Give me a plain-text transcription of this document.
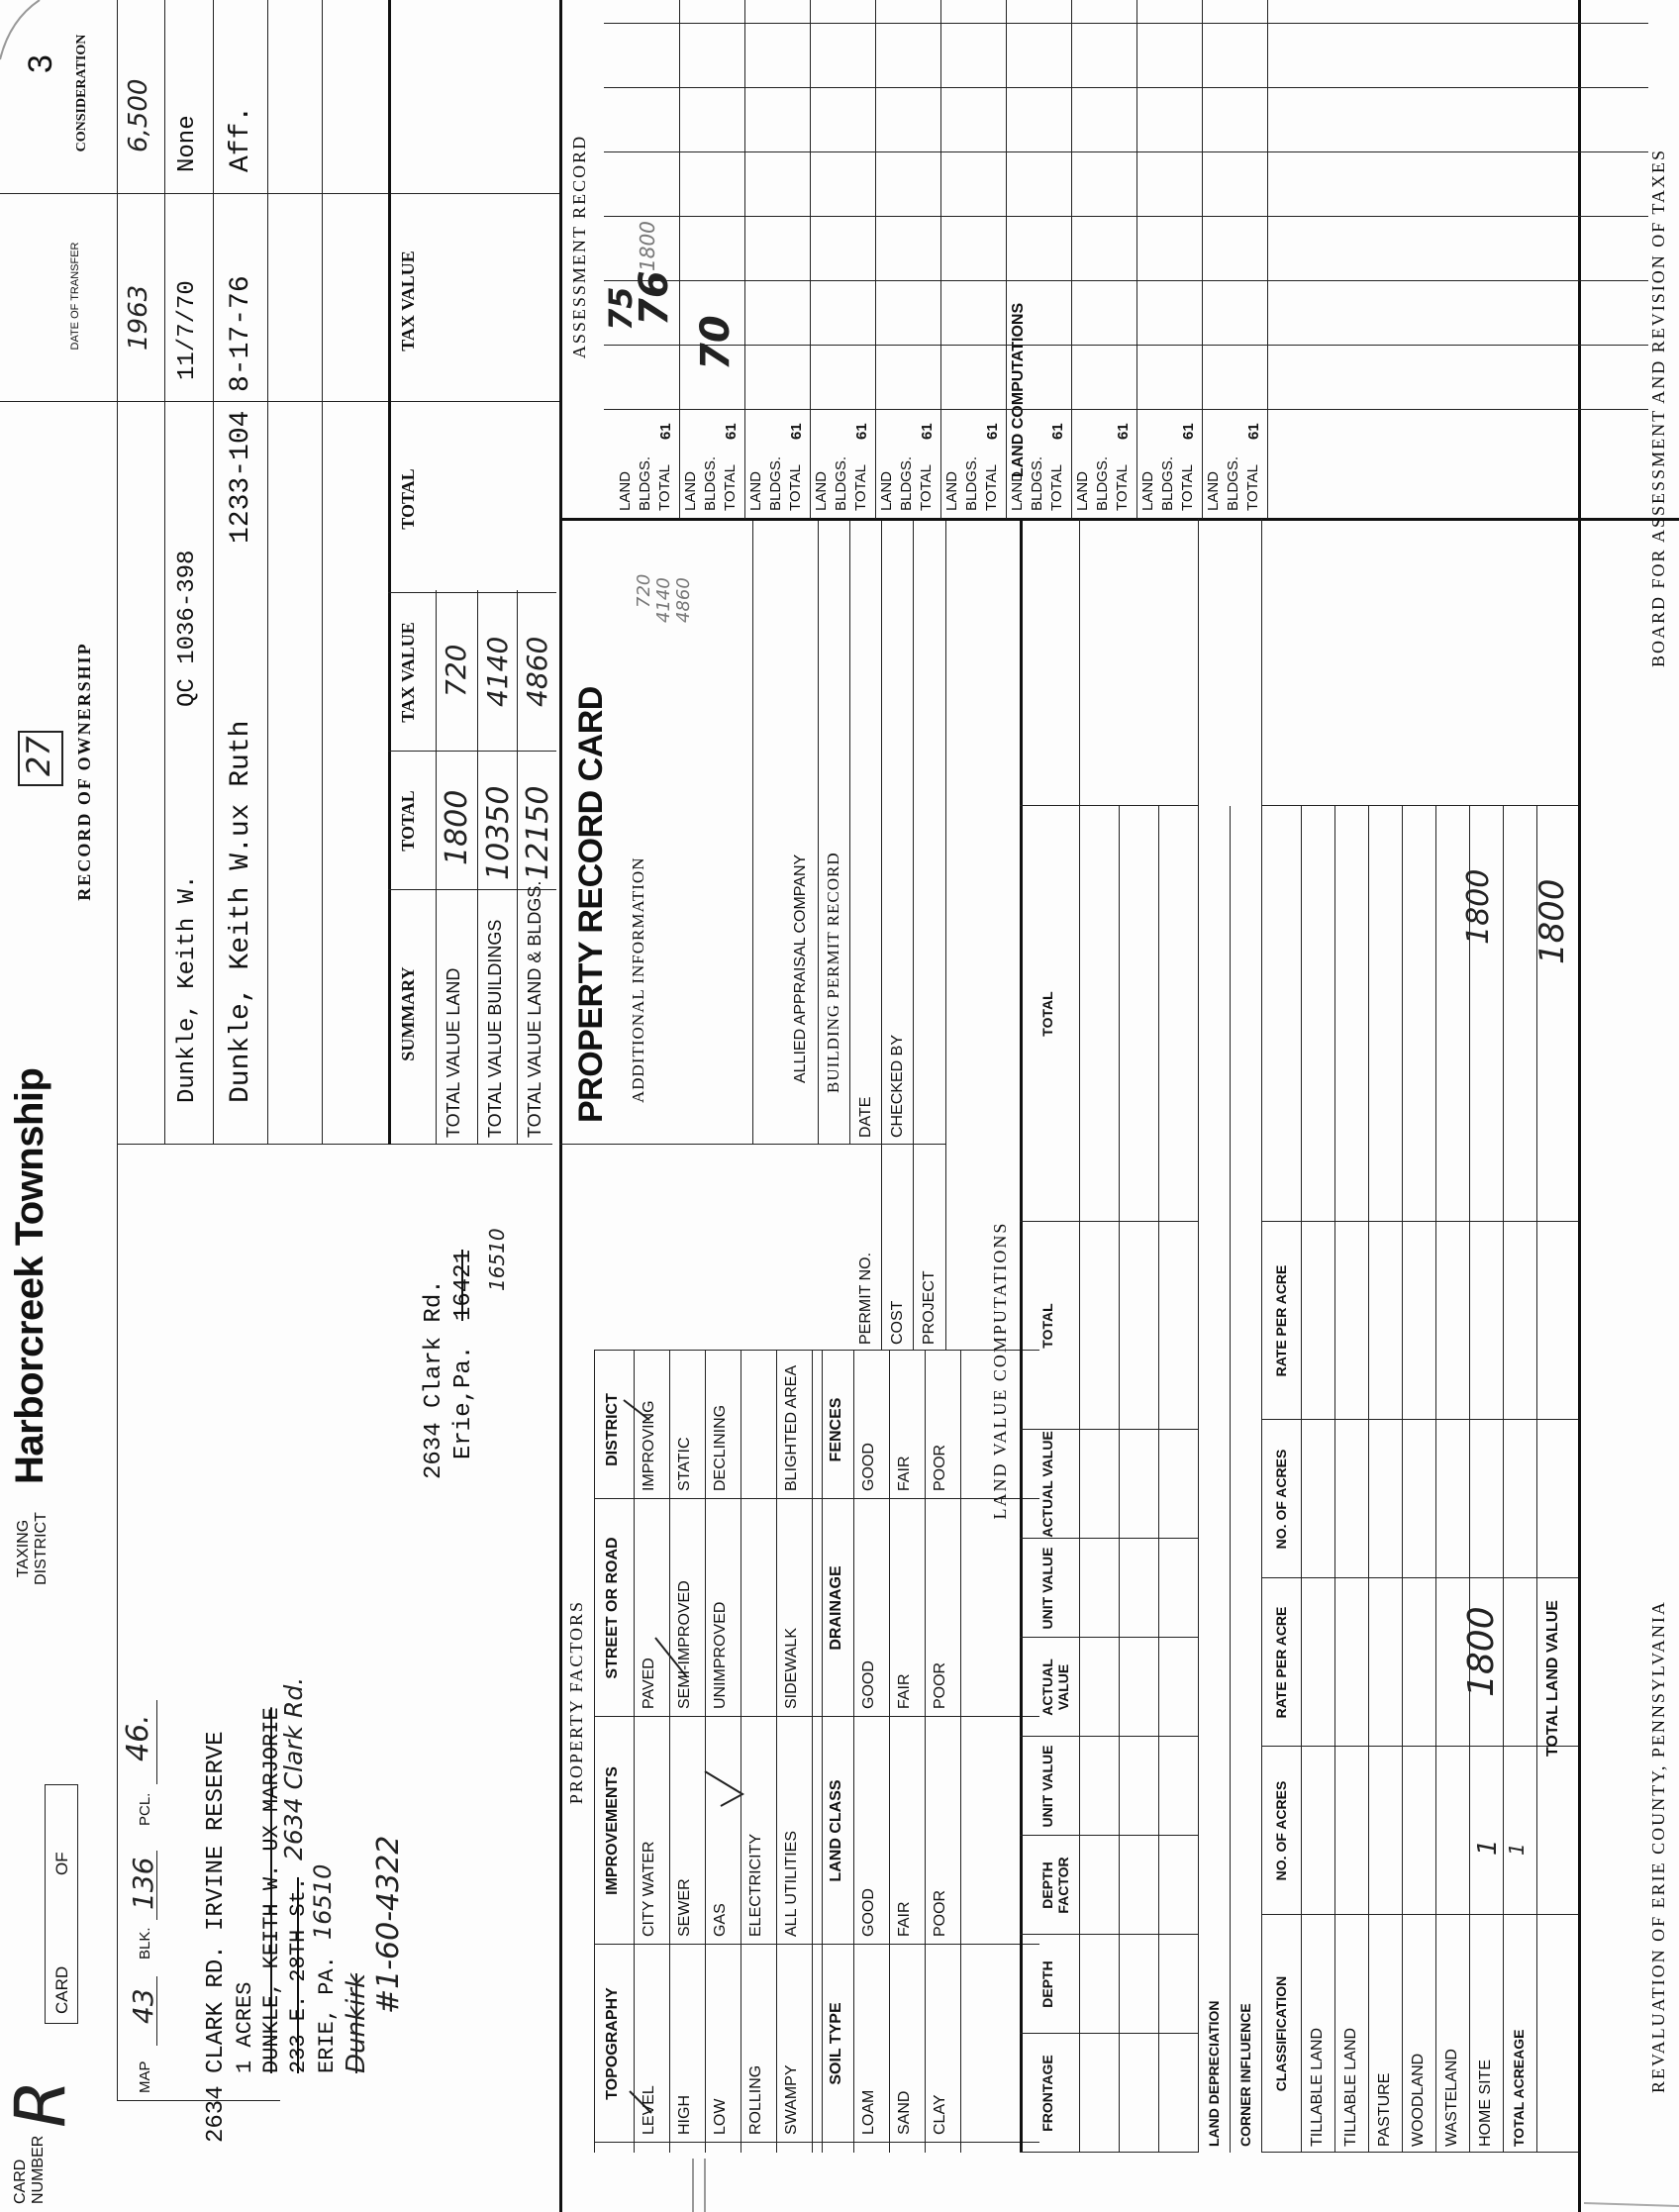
CARD NUMBER
R
CARD
OF
TAXING DISTRICT
Harborcreek Township
27
3
MAP
43
BLK.
136
PCL.
46.
2634
CLARK RD. IRVINE RESERVE 1 ACRES DUNKLE, KEITH W. UX MARJORIE 233 E. 28TH St.
2634 Clark Rd.
ERIE, PA.
16510
Dunkirk
#1-60-4322
2634 Clark Rd. Erie,Pa.
16421 16510
RECORD OF OWNERSHIP
DATE OF TRANSFER
CONSIDERATION
1963
6,500
Dunkle, Keith W.
QC 1036-398
11/7/70
None
Dunkle, Keith W.ux Ruth
1233-104
8-17-76
Aff.
SUMMARY
TOTAL
TAX VALUE
TOTAL
TAX VALUE
TOTAL VALUE LAND TOTAL VALUE BUILDINGS TOTAL VALUE LAND & BLDGS.
1800 10350 12150
720 4140 4860
PROPERTY RECORD CARD ADDITIONAL INFORMATION
720 4140 4860
ALLIED APPRAISAL COMPANY BUILDING PERMIT RECORD
PERMIT NO.
DATE
COST
CHECKED BY
PROJECT
ASSESSMENT RECORD 76
1800
70
75
PROPERTY FACTORS
LAND VALUE COMPUTATIONS
LAND COMPUTATIONS
REVALUATION OF ERIE COUNTY, PENNSYLVANIA
BOARD FOR ASSESSMENT AND REVISION OF TAXES
TOPOGRAPHY
IMPROVEMENTS
STREET OR ROAD
DISTRICT
LEVEL
CITY WATER
PAVED
IMPROVING
HIGH
SEWER
SEMI-IMPROVED
STATIC
LOW
GAS
UNIMPROVED
DECLINING
ROLLING
ELECTRICITY
SWAMPY
ALL UTILITIES
SIDEWALK
BLIGHTED AREA
SOIL TYPE
LAND CLASS
DRAINAGE
FENCES
LOAM
GOOD
GOOD
GOOD
SAND
FAIR
FAIR
FAIR
CLAY
POOR
POOR
POOR
FRONTAGE
DEPTH
DEPTH FACTOR
UNIT VALUE
ACTUAL VALUE
UNIT VALUE
ACTUAL VALUE
TOTAL
TOTAL
LAND DEPRECIATION CORNER INFLUENCE CLASSIFICATION
NO. OF ACRES
RATE PER ACRE
NO. OF ACRES
RATE PER ACRE
TILLABLE LAND TILLABLE LAND PASTURE WOODLAND WASTELAND HOME SITE TOTAL ACREAGE
1
1800
1800
1
TOTAL LAND VALUE
1800
LAND BLDGS. TOTAL
61
LAND BLDGS. TOTAL
61
LAND BLDGS. TOTAL
61
LAND BLDGS. TOTAL
61
LAND BLDGS. TOTAL
61
LAND BLDGS. TOTAL
61
LAND BLDGS. TOTAL
61
LAND BLDGS. TOTAL
61
LAND BLDGS. TOTAL
61
LAND BLDGS. TOTAL
61
